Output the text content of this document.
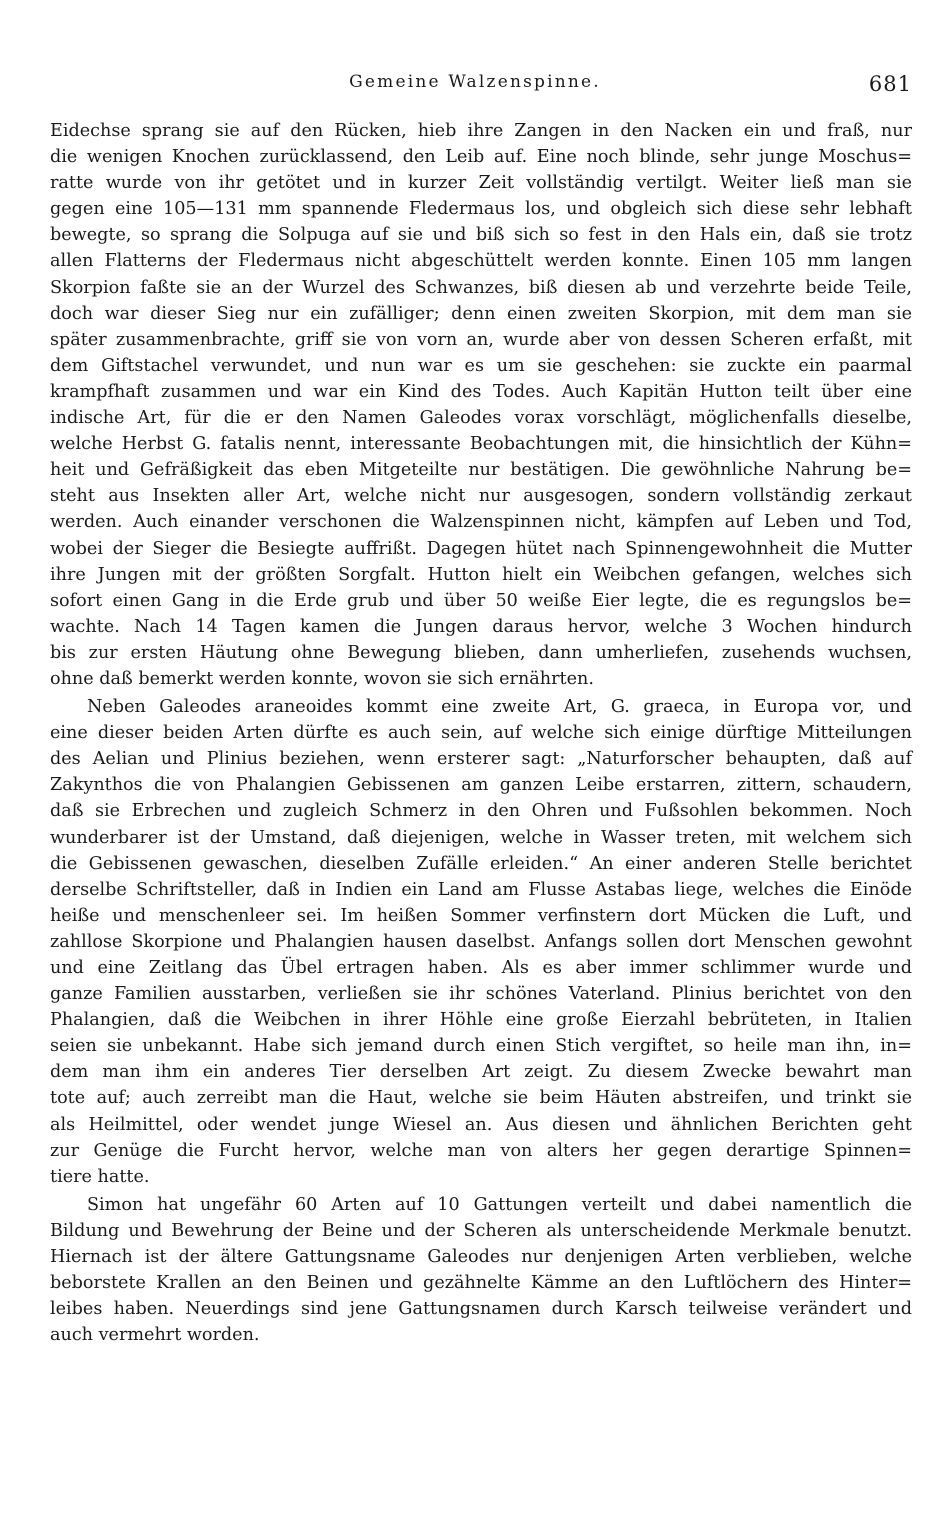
Gemeine Walzenspinne.	681
Eidechse sprang sie auf den Rücken, hieb ihre Zangen in den Nacken ein und fraß, nur
die wenigen Knochen zurücklassend, den Leib auf. Eine noch blinde, sehr junge Moschus=
ratte wurde von ihr getötet und in kurzer Zeit vollständig vertilgt. Weiter ließ man sie
gegen eine 105—131 mm spannende Fledermaus los, und obgleich sich diese sehr lebhaft
bewegte, so sprang die Solpuga auf sie und biß sich so fest in den Hals ein, daß sie trotz
allen Flatterns der Fledermaus nicht abgeschüttelt werden konnte. Einen 105 mm langen
Skorpion faßte sie an der Wurzel des Schwanzes, biß diesen ab und verzehrte beide Teile,
doch war dieser Sieg nur ein zufälliger; denn einen zweiten Skorpion, mit dem man sie
später zusammenbrachte, griff sie von vorn an, wurde aber von dessen Scheren erfaßt, mit
dem Giftstachel verwundet, und nun war es um sie geschehen: sie zuckte ein paarmal
krampfhaft zusammen und war ein Kind des Todes. Auch Kapitän Hutton teilt über eine
indische Art, für die er den Namen Galeodes vorax vorschlägt, möglichenfalls dieselbe,
welche Herbst G. fatalis nennt, interessante Beobachtungen mit, die hinsichtlich der Kühn=
heit und Gefräßigkeit das eben Mitgeteilte nur bestätigen. Die gewöhnliche Nahrung be=
steht aus Insekten aller Art, welche nicht nur ausgesogen, sondern vollständig zerkaut
werden. Auch einander verschonen die Walzenspinnen nicht, kämpfen auf Leben und Tod,
wobei der Sieger die Besiegte auffrißt. Dagegen hütet nach Spinnengewohnheit die Mutter
ihre Jungen mit der größten Sorgfalt. Hutton hielt ein Weibchen gefangen, welches sich
sofort einen Gang in die Erde grub und über 50 weiße Eier legte, die es regungslos be=
wachte. Nach 14 Tagen kamen die Jungen daraus hervor, welche 3 Wochen hindurch
bis zur ersten Häutung ohne Bewegung blieben, dann umherliefen, zusehends wuchsen,
ohne daß bemerkt werden konnte, wovon sie sich ernährten.
Neben Galeodes araneoides kommt eine zweite Art, G. graeca, in Europa vor, und
eine dieser beiden Arten dürfte es auch sein, auf welche sich einige dürftige Mitteilungen
des Aelian und Plinius beziehen, wenn ersterer sagt: „Naturforscher behaupten, daß auf
Zakynthos die von Phalangien Gebissenen am ganzen Leibe erstarren, zittern, schaudern,
daß sie Erbrechen und zugleich Schmerz in den Ohren und Fußsohlen bekommen. Noch
wunderbarer ist der Umstand, daß diejenigen, welche in Wasser treten, mit welchem sich
die Gebissenen gewaschen, dieselben Zufälle erleiden.“ An einer anderen Stelle berichtet
derselbe Schriftsteller, daß in Indien ein Land am Flusse Astabas liege, welches die Einöde
heiße und menschenleer sei. Im heißen Sommer verfinstern dort Mücken die Luft, und
zahllose Skorpione und Phalangien hausen daselbst. Anfangs sollen dort Menschen gewohnt
und eine Zeitlang das Übel ertragen haben. Als es aber immer schlimmer wurde und
ganze Familien ausstarben, verließen sie ihr schönes Vaterland. Plinius berichtet von den
Phalangien, daß die Weibchen in ihrer Höhle eine große Eierzahl bebrüteten, in Italien
seien sie unbekannt. Habe sich jemand durch einen Stich vergiftet, so heile man ihn, in=
dem man ihm ein anderes Tier derselben Art zeigt. Zu diesem Zwecke bewahrt man
tote auf; auch zerreibt man die Haut, welche sie beim Häuten abstreifen, und trinkt sie
als Heilmittel, oder wendet junge Wiesel an. Aus diesen und ähnlichen Berichten geht
zur Genüge die Furcht hervor, welche man von alters her gegen derartige Spinnen=
tiere hatte.
Simon hat ungefähr 60 Arten auf 10 Gattungen verteilt und dabei namentlich die
Bildung und Bewehrung der Beine und der Scheren als unterscheidende Merkmale benutzt.
Hiernach ist der ältere Gattungsname Galeodes nur denjenigen Arten verblieben, welche
beborstete Krallen an den Beinen und gezähnelte Kämme an den Luftlöchern des Hinter=
leibes haben. Neuerdings sind jene Gattungsnamen durch Karsch teilweise verändert und
auch vermehrt worden.
